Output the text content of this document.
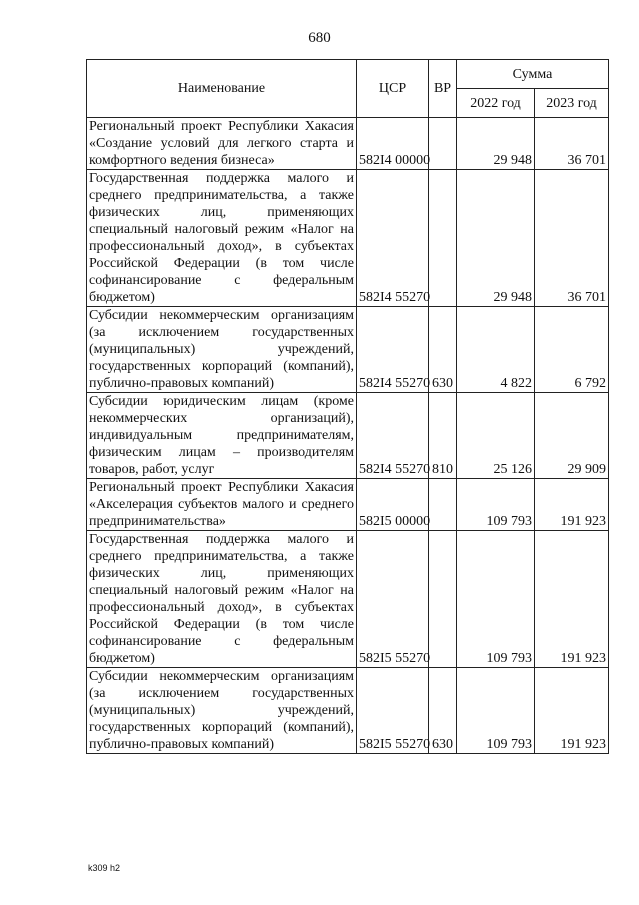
680
Наименование	ЦСР	ВР	Сумма	
			2022 год	2023 год
Региональный проект Республики Хакасия «Создание условий для легкого старта и комфортного ведения бизнеса»	582I4 00000		29 948	36 701
Государственная поддержка малого и среднего предпринимательства, а также физических лиц, применяющих специальный налоговый режим «Налог на профессиональный доход», в субъектах Российской Федерации (в том числе софинансирование с федеральным бюджетом)	582I4 55270		29 948	36 701
Субсидии некоммерческим организациям (за исключением государственных (муниципальных) учреждений, государственных корпораций (компаний), публично-правовых компаний)	582I4 55270	630	4 822	6 792
Субсидии юридическим лицам (кроме некоммерческих организаций), индивидуальным предпринимателям, физическим лицам – производителям товаров, работ, услуг	582I4 55270	810	25 126	29 909
Региональный проект Республики Хакасия «Акселерация субъектов малого и среднего предпринимательства»	582I5 00000		109 793	191 923
Государственная поддержка малого и среднего предпринимательства, а также физических лиц, применяющих специальный налоговый режим «Налог на профессиональный доход», в субъектах Российской Федерации (в том числе софинансирование с федеральным бюджетом)	582I5 55270		109 793	191 923
Субсидии некоммерческим организациям (за исключением государственных (муниципальных) учреждений, государственных корпораций (компаний), публично-правовых компаний)	582I5 55270	630	109 793	191 923
k309 h2
